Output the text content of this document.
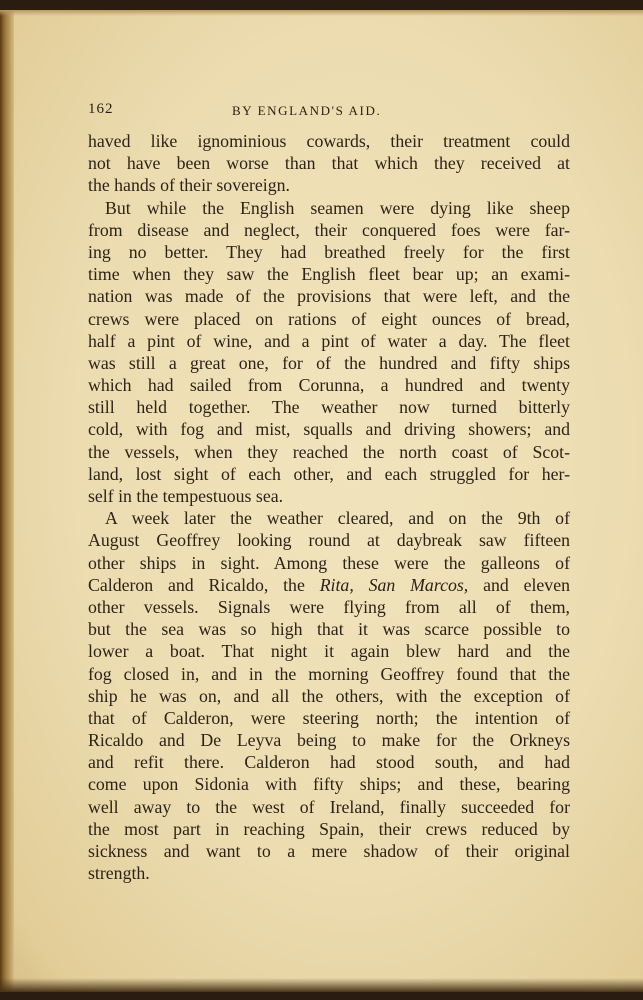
162	BY ENGLAND'S AID.
haved like ignominious cowards, their treatment could
not have been worse than that which they received at
the hands of their sovereign.
But while the English seamen were dying like sheep
from disease and neglect, their conquered foes were far-
ing no better. They had breathed freely for the first
time when they saw the English fleet bear up; an exami-
nation was made of the provisions that were left, and the
crews were placed on rations of eight ounces of bread,
half a pint of wine, and a pint of water a day. The fleet
was still a great one, for of the hundred and fifty ships
which had sailed from Corunna, a hundred and twenty
still held together. The weather now turned bitterly
cold, with fog and mist, squalls and driving showers; and
the vessels, when they reached the north coast of Scot-
land, lost sight of each other, and each struggled for her-
self in the tempestuous sea.
A week later the weather cleared, and on the 9th of
August Geoffrey looking round at daybreak saw fifteen
other ships in sight. Among these were the galleons of
Calderon and Ricaldo, the Rita, San Marcos, and eleven
other vessels. Signals were flying from all of them,
but the sea was so high that it was scarce possible to
lower a boat. That night it again blew hard and the
fog closed in, and in the morning Geoffrey found that the
ship he was on, and all the others, with the exception of
that of Calderon, were steering north; the intention of
Ricaldo and De Leyva being to make for the Orkneys
and refit there. Calderon had stood south, and had
come upon Sidonia with fifty ships; and these, bearing
well away to the west of Ireland, finally succeeded for
the most part in reaching Spain, their crews reduced by
sickness and want to a mere shadow of their original
strength.
